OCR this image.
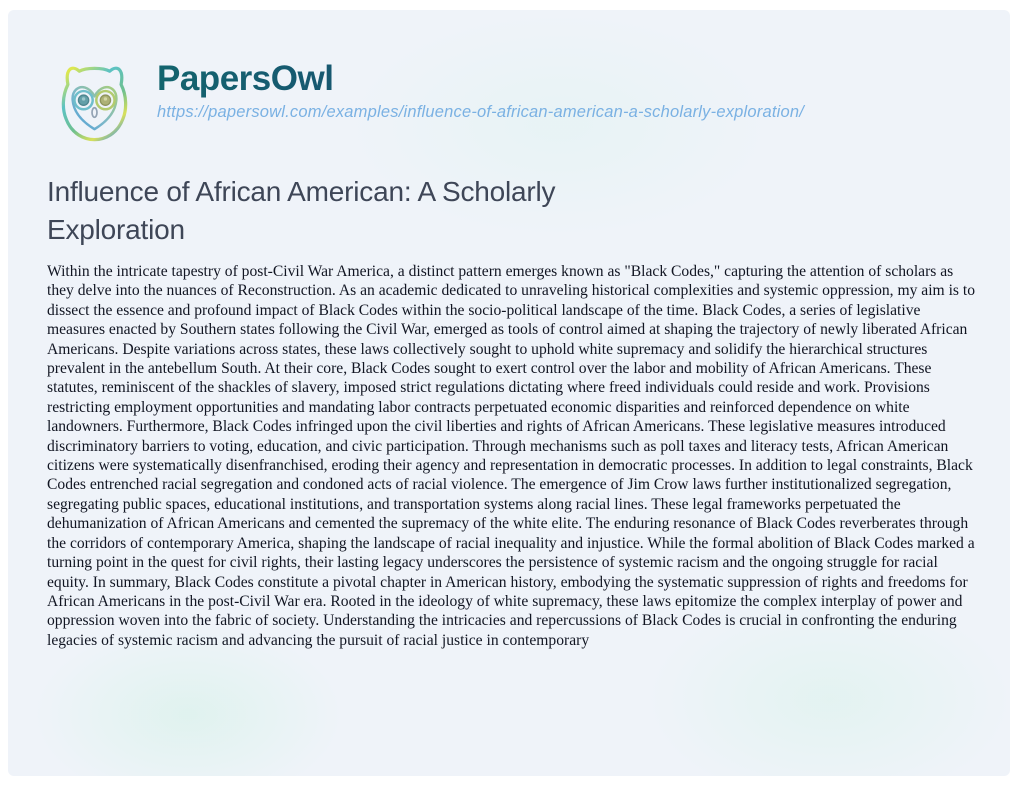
PapersOwl
https://papersowl.com/examples/influence-of-african-american-a-scholarly-exploration/
Influence of African American: A Scholarly Exploration

Within the intricate tapestry of post-Civil War America, a distinct pattern emerges known as "Black Codes," capturing the attention of scholars as they delve into the nuances of Reconstruction. As an academic dedicated to unraveling historical complexities and systemic oppression, my aim is to dissect the essence and profound impact of Black Codes within the socio-political landscape of the time. Black Codes, a series of legislative measures enacted by Southern states following the Civil War, emerged as tools of control aimed at shaping the trajectory of newly liberated African Americans. Despite variations across states, these laws collectively sought to uphold white supremacy and solidify the hierarchical structures prevalent in the antebellum South. At their core, Black Codes sought to exert control over the labor and mobility of African Americans. These statutes, reminiscent of the shackles of slavery, imposed strict regulations dictating where freed individuals could reside and work. Provisions restricting employment opportunities and mandating labor contracts perpetuated economic disparities and reinforced dependence on white landowners. Furthermore, Black Codes infringed upon the civil liberties and rights of African Americans. These legislative measures introduced discriminatory barriers to voting, education, and civic participation. Through mechanisms such as poll taxes and literacy tests, African American citizens were systematically disenfranchised, eroding their agency and representation in democratic processes. In addition to legal constraints, Black Codes entrenched racial segregation and condoned acts of racial violence. The emergence of Jim Crow laws further institutionalized segregation, segregating public spaces, educational institutions, and transportation systems along racial lines. These legal frameworks perpetuated the dehumanization of African Americans and cemented the supremacy of the white elite. The enduring resonance of Black Codes reverberates through the corridors of contemporary America, shaping the landscape of racial inequality and injustice. While the formal abolition of Black Codes marked a turning point in the quest for civil rights, their lasting legacy underscores the persistence of systemic racism and the ongoing struggle for racial equity. In summary, Black Codes constitute a pivotal chapter in American history, embodying the systematic suppression of rights and freedoms for African Americans in the post-Civil War era. Rooted in the ideology of white supremacy, these laws epitomize the complex interplay of power and oppression woven into the fabric of society. Understanding the intricacies and repercussions of Black Codes is crucial in confronting the enduring legacies of systemic racism and advancing the pursuit of racial justice in contemporary
